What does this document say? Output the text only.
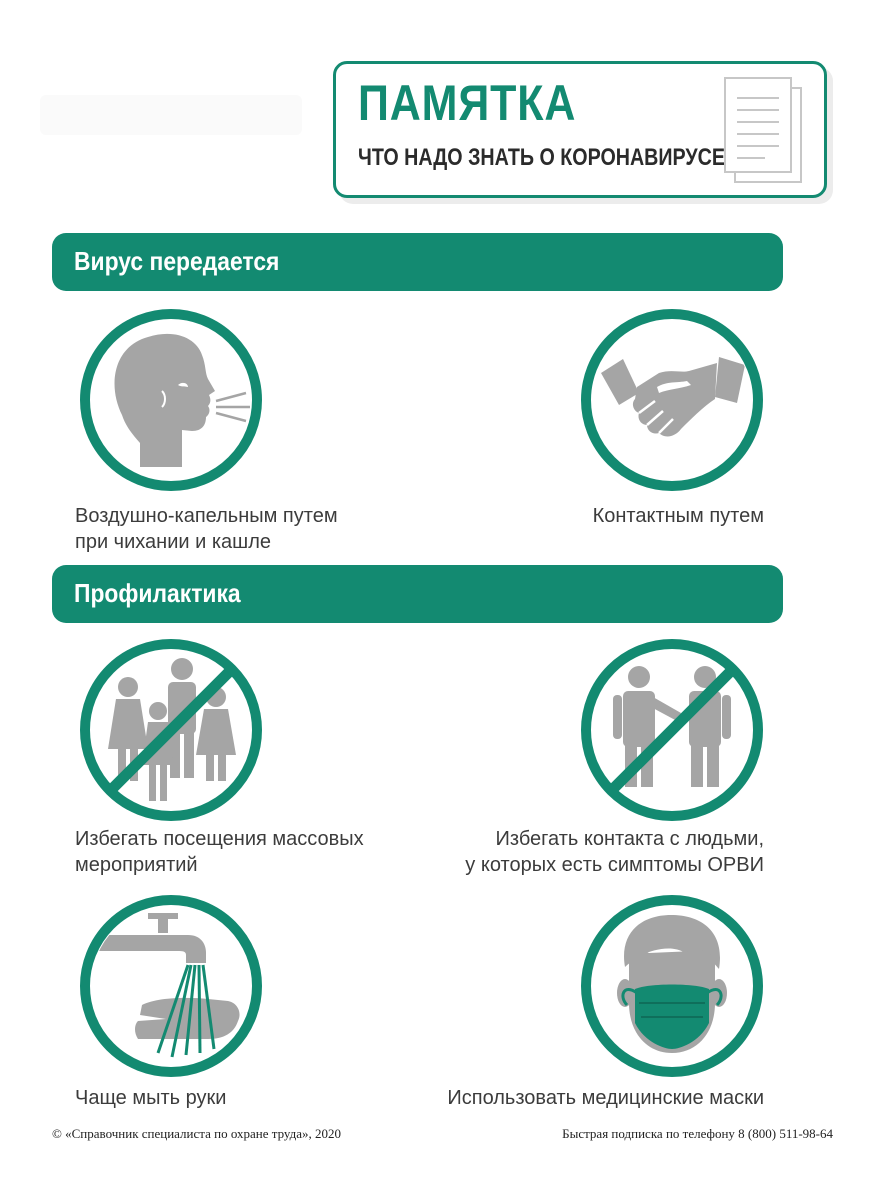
ПАМЯТКА
ЧТО НАДО ЗНАТЬ О КОРОНАВИРУСЕ
Вирус передается
Воздушно-капельным путем
при чихании и кашле
Контактным путем
Профилактика
Избегать посещения массовых
мероприятий
Избегать контакта с людьми,
у которых есть симптомы ОРВИ
Чаще мыть руки	Использовать медицинские маски
© «Справочник специалиста по охране труда», 2020	Быстрая подписка по телефону 8 (800) 511-98-64
